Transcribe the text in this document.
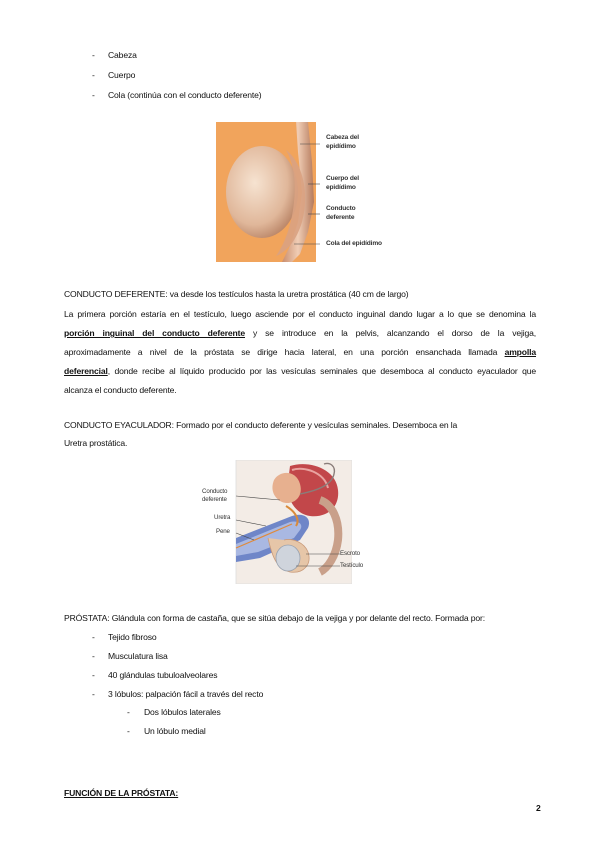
- Cabeza
- Cuerpo
- Cola (continúa con el conducto deferente)
Cabeza del
epidídimo
Cuerpo del
epidídimo
Conducto
deferente
Cola del epidídimo
CONDUCTO DEFERENTE: va desde los testículos hasta la uretra prostática (40 cm de largo)
La primera porción estaría en el testículo, luego asciende por el conducto inguinal dando lugar a lo que se denomina la
porción inguinal del conducto deferente y se introduce en la pelvis, alcanzando el dorso de la vejiga,
aproximadamente a nivel de la próstata se dirige hacia lateral, en una porción ensanchada llamada ampolla
deferencial, donde recibe al líquido producido por las vesículas seminales que desemboca al conducto eyaculador que
alcanza el conducto deferente.
CONDUCTO EYACULADOR: Formado por el conducto deferente y vesículas seminales. Desemboca en la
Uretra prostática.
Conducto
deferente
Uretra
Pene
Escroto
Testículo
PRÓSTATA: Glándula con forma de castaña, que se sitúa debajo de la vejiga y por delante del recto. Formada por:
- Tejido fibroso
- Musculatura lisa
- 40 glándulas tubuloalveolares
- 3 lóbulos: palpación fácil a través del recto
- Dos lóbulos laterales
- Un lóbulo medial
FUNCIÓN DE LA PRÓSTATA:
2
